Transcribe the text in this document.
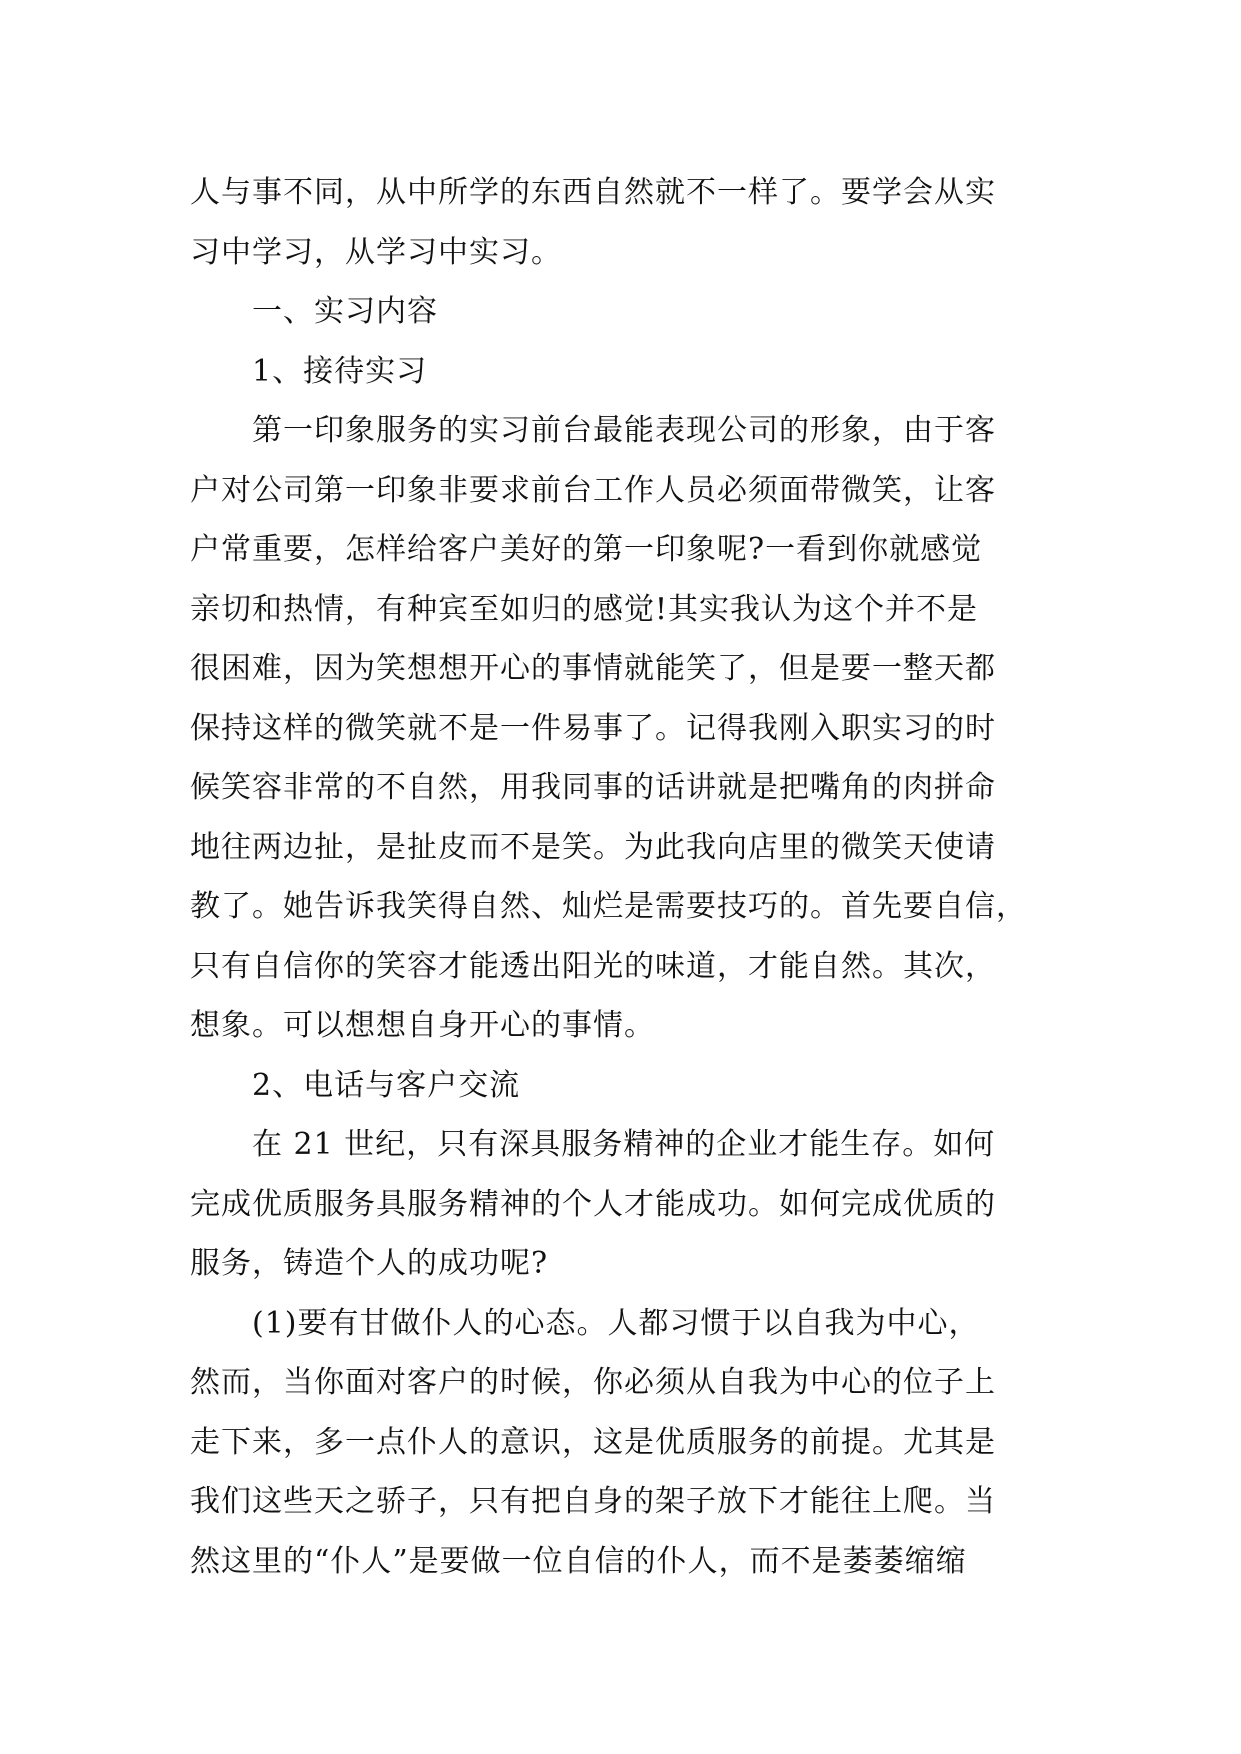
人与事不同，从中所学的东西自然就不一样了。要学会从实
习中学习，从学习中实习。
一、实习内容
1、接待实习
第一印象服务的实习前台最能表现公司的形象，由于客
户对公司第一印象非要求前台工作人员必须面带微笑，让客
户常重要，怎样给客户美好的第一印象呢?一看到你就感觉
亲切和热情，有种宾至如归的感觉!其实我认为这个并不是
很困难，因为笑想想开心的事情就能笑了，但是要一整天都
保持这样的微笑就不是一件易事了。记得我刚入职实习的时
候笑容非常的不自然，用我同事的话讲就是把嘴角的肉拼命
地往两边扯，是扯皮而不是笑。为此我向店里的微笑天使请
教了。她告诉我笑得自然、灿烂是需要技巧的。首先要自信，
只有自信你的笑容才能透出阳光的味道，才能自然。其次，
想象。可以想想自身开心的事情。
2、电话与客户交流
在 21 世纪，只有深具服务精神的企业才能生存。如何
完成优质服务具服务精神的个人才能成功。如何完成优质的
服务，铸造个人的成功呢?
(1)要有甘做仆人的心态。人都习惯于以自我为中心，
然而，当你面对客户的时候，你必须从自我为中心的位子上
走下来，多一点仆人的意识，这是优质服务的前提。尤其是
我们这些天之骄子，只有把自身的架子放下才能往上爬。当
然这里的“仆人”是要做一位自信的仆人，而不是萎萎缩缩
